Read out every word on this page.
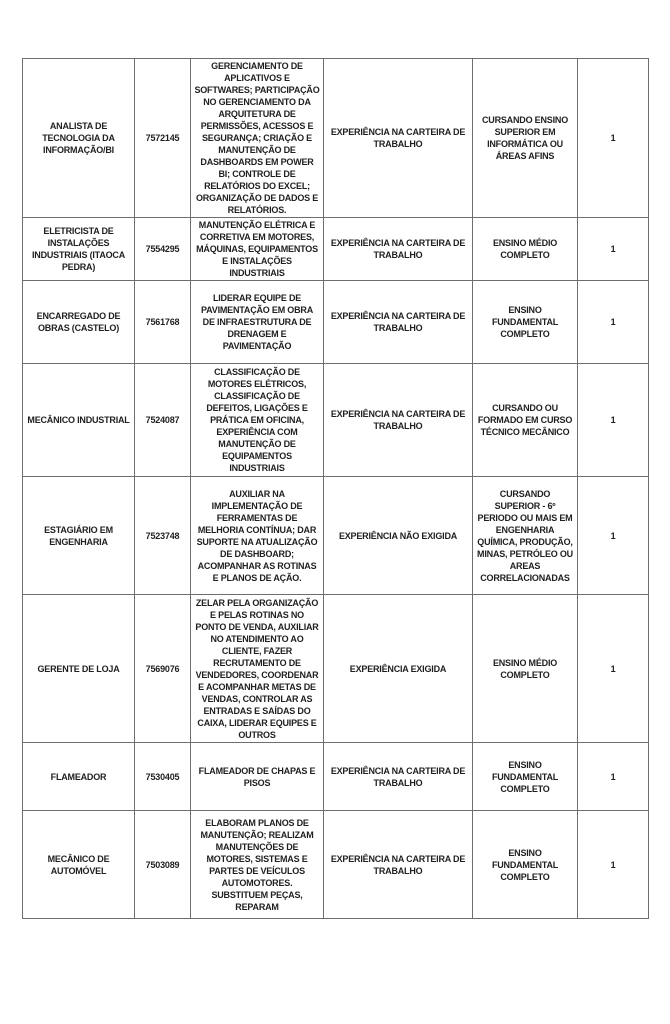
ANALISTA DE TECNOLOGIA DA INFORMAÇÃO/BI	7572145	GERENCIAMENTO DE APLICATIVOS E SOFTWARES; PARTICIPAÇÃO NO GERENCIAMENTO DA ARQUITETURA DE PERMISSÕES, ACESSOS E SEGURANÇA; CRIAÇÃO E MANUTENÇÃO DE DASHBOARDS EM POWER BI; CONTROLE DE RELATÓRIOS DO EXCEL; ORGANIZAÇÃO DE DADOS E RELATÓRIOS.	EXPERIÊNCIA NA CARTEIRA DE TRABALHO	CURSANDO ENSINO SUPERIOR EM INFORMÁTICA OU ÁREAS AFINS	1
ELETRICISTA DE INSTALAÇÕES INDUSTRIAIS (ITAOCA PEDRA)	7554295	MANUTENÇÃO ELÉTRICA E CORRETIVA EM MOTORES, MÁQUINAS, EQUIPAMENTOS E INSTALAÇÕES INDUSTRIAIS	EXPERIÊNCIA NA CARTEIRA DE TRABALHO	ENSINO MÉDIO COMPLETO	1
ENCARREGADO DE OBRAS (CASTELO)	7561768	LIDERAR EQUIPE DE PAVIMENTAÇÃO EM OBRA DE INFRAESTRUTURA DE DRENAGEM E PAVIMENTAÇÃO	EXPERIÊNCIA NA CARTEIRA DE TRABALHO	ENSINO FUNDAMENTAL COMPLETO	1
MECÂNICO INDUSTRIAL	7524087	CLASSIFICAÇÃO DE MOTORES ELÉTRICOS, CLASSIFICAÇÃO DE DEFEITOS, LIGAÇÕES E PRÁTICA EM OFICINA, EXPERIÊNCIA COM MANUTENÇÃO DE EQUIPAMENTOS INDUSTRIAIS	EXPERIÊNCIA NA CARTEIRA DE TRABALHO	CURSANDO OU FORMADO EM CURSO TÉCNICO MECÂNICO	1
ESTAGIÁRIO EM ENGENHARIA	7523748	AUXILIAR NA IMPLEMENTAÇÃO DE FERRAMENTAS DE MELHORIA CONTÍNUA; DAR SUPORTE NA ATUALIZAÇÃO DE DASHBOARD; ACOMPANHAR AS ROTINAS E PLANOS DE AÇÃO.	EXPERIÊNCIA NÃO EXIGIDA	CURSANDO SUPERIOR - 6º PERIODO OU MAIS EM ENGENHARIA QUÍMICA, PRODUÇÃO, MINAS, PETRÓLEO OU AREAS CORRELACIONADAS	1
GERENTE DE LOJA	7569076	ZELAR PELA ORGANIZAÇÃO E PELAS ROTINAS NO PONTO DE VENDA, AUXILIAR NO ATENDIMENTO AO CLIENTE, FAZER RECRUTAMENTO DE VENDEDORES, COORDENAR E ACOMPANHAR METAS DE VENDAS, CONTROLAR AS ENTRADAS E SAÍDAS DO CAIXA, LIDERAR EQUIPES E OUTROS	EXPERIÊNCIA EXIGIDA	ENSINO MÉDIO COMPLETO	1
FLAMEADOR	7530405	FLAMEADOR DE CHAPAS E PISOS	EXPERIÊNCIA NA CARTEIRA DE TRABALHO	ENSINO FUNDAMENTAL COMPLETO	1
MECÂNICO DE AUTOMÓVEL	7503089	ELABORAM PLANOS DE MANUTENÇÃO; REALIZAM MANUTENÇÕES DE MOTORES, SISTEMAS E PARTES DE VEÍCULOS AUTOMOTORES. SUBSTITUEM PEÇAS, REPARAM	EXPERIÊNCIA NA CARTEIRA DE TRABALHO	ENSINO FUNDAMENTAL COMPLETO	1
